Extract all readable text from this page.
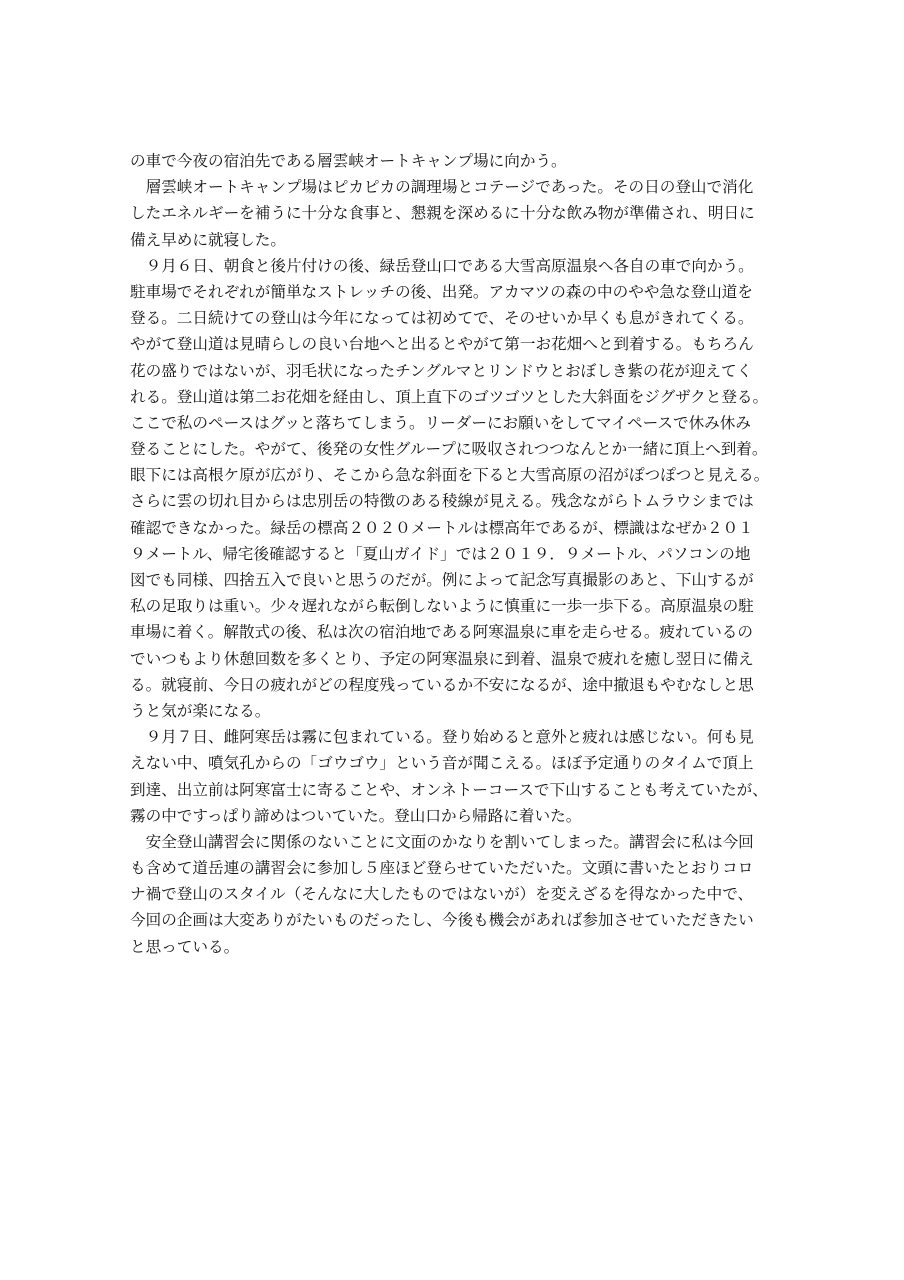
の車で今夜の宿泊先である層雲峡オートキャンプ場に向かう。
　層雲峡オートキャンプ場はピカピカの調理場とコテージであった。その日の登山で消化
したエネルギーを補うに十分な食事と、懇親を深めるに十分な飲み物が準備され、明日に
備え早めに就寝した。
　９月６日、朝食と後片付けの後、緑岳登山口である大雪高原温泉へ各自の車で向かう。
駐車場でそれぞれが簡単なストレッチの後、出発。アカマツの森の中のやや急な登山道を
登る。二日続けての登山は今年になっては初めてで、そのせいか早くも息がきれてくる。
やがて登山道は見晴らしの良い台地へと出るとやがて第一お花畑へと到着する。もちろん
花の盛りではないが、羽毛状になったチングルマとリンドウとおぼしき紫の花が迎えてく
れる。登山道は第二お花畑を経由し、頂上直下のゴツゴツとした大斜面をジグザクと登る。
ここで私のペースはグッと落ちてしまう。リーダーにお願いをしてマイペースで休み休み
登ることにした。やがて、後発の女性グループに吸収されつつなんとか一緒に頂上へ到着。
眼下には高根ケ原が広がり、そこから急な斜面を下ると大雪高原の沼がぽつぽつと見える。
さらに雲の切れ目からは忠別岳の特徴のある稜線が見える。残念ながらトムラウシまでは
確認できなかった。緑岳の標高２０２０メートルは標高年であるが、標識はなぜか２０１
９メートル、帰宅後確認すると「夏山ガイド」では２０１９．９メートル、パソコンの地
図でも同様、四捨五入で良いと思うのだが。例によって記念写真撮影のあと、下山するが
私の足取りは重い。少々遅れながら転倒しないように慎重に一歩一歩下る。高原温泉の駐
車場に着く。解散式の後、私は次の宿泊地である阿寒温泉に車を走らせる。疲れているの
でいつもより休憩回数を多くとり、予定の阿寒温泉に到着、温泉で疲れを癒し翌日に備え
る。就寝前、今日の疲れがどの程度残っているか不安になるが、途中撤退もやむなしと思
うと気が楽になる。
　９月７日、雌阿寒岳は霧に包まれている。登り始めると意外と疲れは感じない。何も見
えない中、噴気孔からの「ゴウゴウ」という音が聞こえる。ほぼ予定通りのタイムで頂上
到達、出立前は阿寒富士に寄ることや、オンネトーコースで下山することも考えていたが、
霧の中ですっぱり諦めはついていた。登山口から帰路に着いた。
　安全登山講習会に関係のないことに文面のかなりを割いてしまった。講習会に私は今回
も含めて道岳連の講習会に参加し５座ほど登らせていただいた。文頭に書いたとおりコロ
ナ禍で登山のスタイル（そんなに大したものではないが）を変えざるを得なかった中で、
今回の企画は大変ありがたいものだったし、今後も機会があれば参加させていただきたい
と思っている。
